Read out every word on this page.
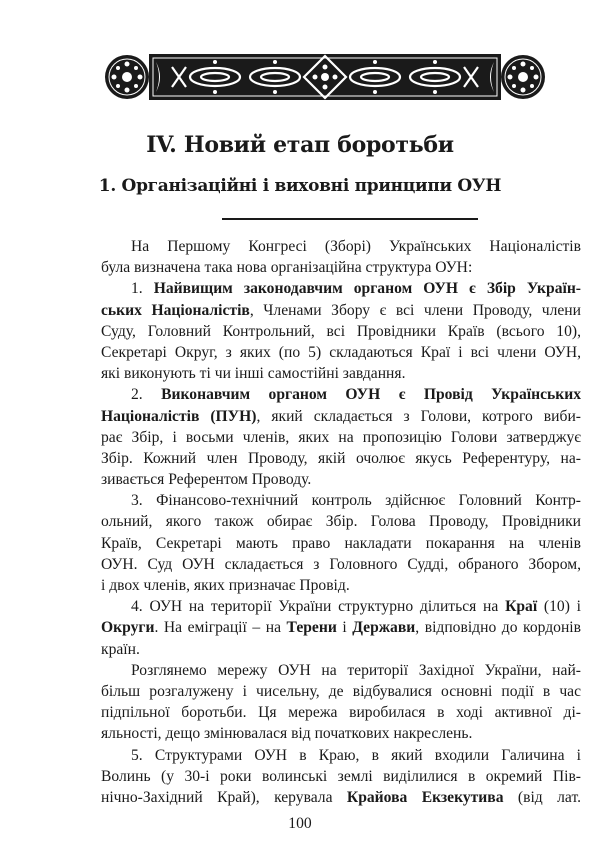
IV. Новий етап боротьби
1. Організаційні і виховні принципи ОУН
На Першому Конгресі (Зборі) Українських Націоналістів
була визначена така нова організаційна структура ОУН:
1. Найвищим законодавчим органом ОУН є Збір Україн-
ських Націоналістів, Членами Збору є всі члени Проводу, члени
Суду, Головний Контрольний, всі Провідники Країв (всього 10),
Секретарі Округ, з яких (по 5) складаються Краї і всі члени ОУН,
які виконують ті чи інші самостійні завдання.
2. Виконавчим органом ОУН є Провід Українських
Націоналістів (ПУН), який складається з Голови, котрого виби-
рає Збір, і восьми членів, яких на пропозицію Голови затверджує
Збір. Кожний член Проводу, якій очолює якусь Референтуру, на-
зивається Референтом Проводу.
3. Фінансово-технічний контроль здійснює Головний Контр-
ольний, якого також обирає Збір. Голова Проводу, Провідники
Країв, Секретарі мають право накладати покарання на членів
ОУН. Суд ОУН складається з Головного Судді, обраного Збором,
і двох членів, яких призначає Провід.
4. ОУН на території України структурно ділиться на Краї (10) і
Округи. На еміграції – на Терени і Держави, відповідно до кордонів
країн.
Розглянемо мережу ОУН на території Західної України, най-
більш розгалужену і чисельну, де відбувалися основні події в час
підпільної боротьби. Ця мережа виробилася в ході активної ді-
яльності, дещо змінювалася від початкових накреслень.
5. Структурами ОУН в Краю, в який входили Галичина і
Волинь (у 30-і роки волинські землі виділилися в окремий Пів-
нічно-Західний Край), керувала Крайова Екзекутива (від лат.
100
